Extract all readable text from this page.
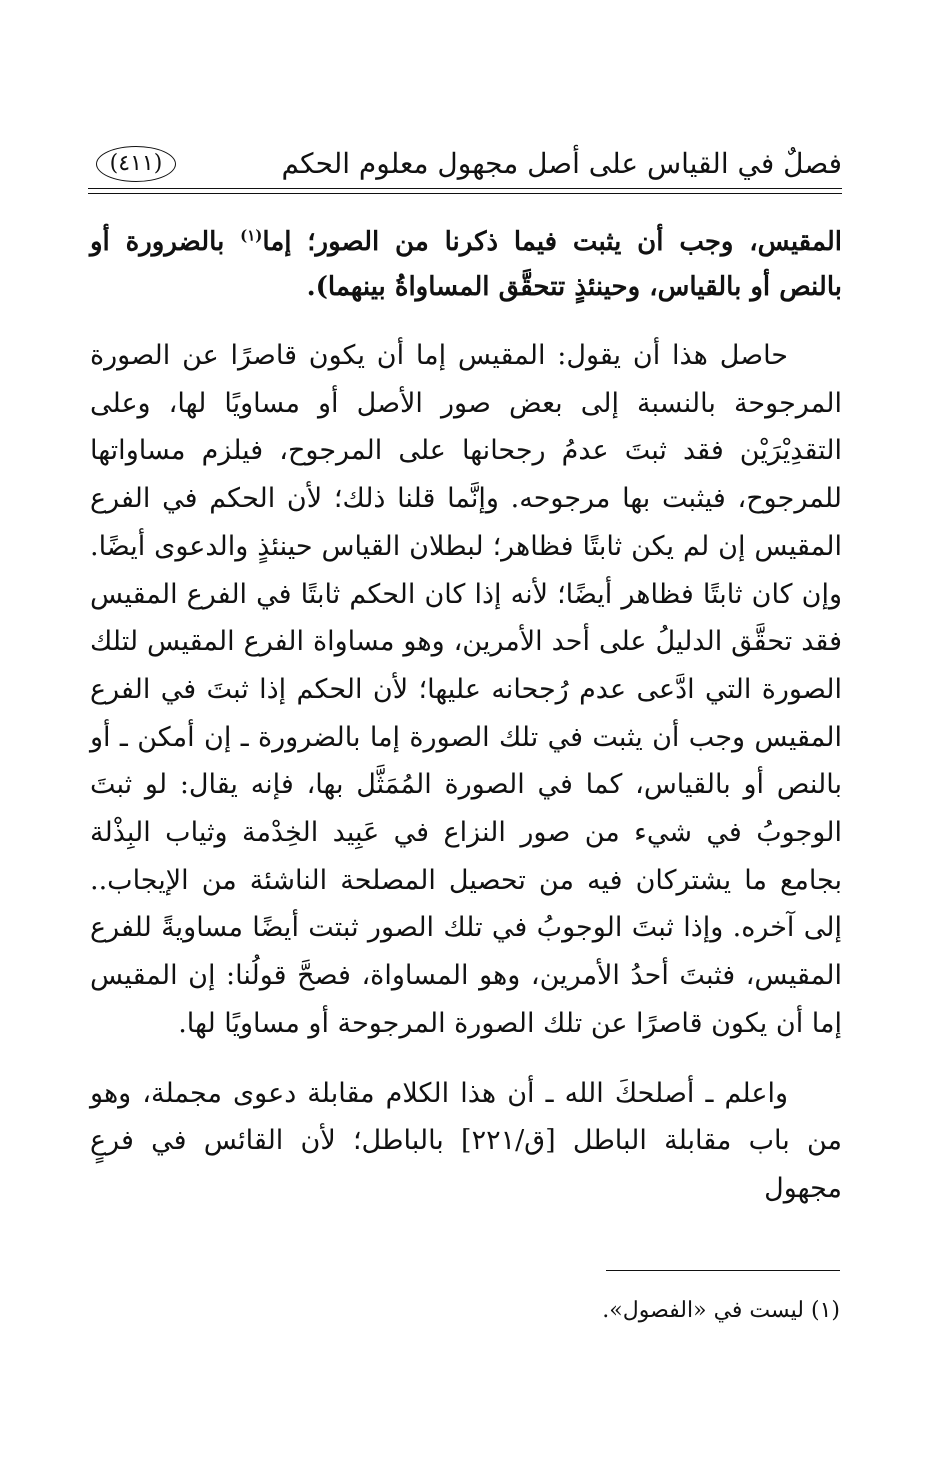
فصلٌ في القياس على أصل مجهول معلوم الحكم
(٤١١)

المقيس، وجب أن يثبت فيما ذكرنا من الصور؛ إما$^{(١)}$ بالضرورة أو بالنص أو بالقياس، وحينئذٍ تتحقَّق المساواةُ بينهما).

حاصل هذا أن يقول: المقيس إما أن يكون قاصرًا عن الصورة المرجوحة بالنسبة إلى بعض صور الأصل أو مساويًا لها، وعلى التقدِيْرَيْن فقد ثبتَ عدمُ رجحانها على المرجوح، فيلزم مساواتها للمرجوح، فيثبت بها مرجوحه. وإنَّما قلنا ذلك؛ لأن الحكم في الفرع المقيس إن لم يكن ثابتًا فظاهر؛ لبطلان القياس حينئذٍ والدعوى أيضًا. وإن كان ثابتًا فظاهر أيضًا؛ لأنه إذا كان الحكم ثابتًا في الفرع المقيس فقد تحقَّق الدليلُ على أحد الأمرين، وهو مساواة الفرع المقيس لتلك الصورة التي ادَّعى عدم رُجحانه عليها؛ لأن الحكم إذا ثبتَ في الفرع المقيس وجب أن يثبت في تلك الصورة إما بالضرورة ـ إن أمكن ـ أو بالنص أو بالقياس، كما في الصورة المُمَثَّل بها، فإنه يقال: لو ثبتَ الوجوبُ في شيء من صور النزاع في عَبِيد الخِدْمة وثياب البِذْلة بجامع ما يشتركان فيه من تحصيل المصلحة الناشئة من الإيجاب.. إلى آخره. وإذا ثبتَ الوجوبُ في تلك الصور ثبتت أيضًا مساويةً للفرع المقيس، فثبتَ أحدُ الأمرين، وهو المساواة، فصحَّ قولُنا: إن المقيس إما أن يكون قاصرًا عن تلك الصورة المرجوحة أو مساويًا لها.

واعلم ـ أصلحكَ الله ـ أن هذا الكلام مقابلة دعوى مجملة، وهو من باب مقابلة الباطل [ق/٢٢١] بالباطل؛ لأن القائس في فرعٍ مجهول

(١) ليست في «الفصول».
